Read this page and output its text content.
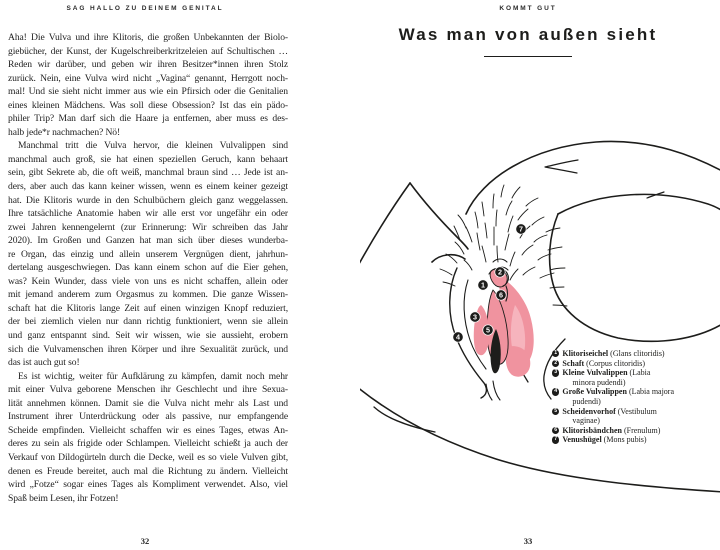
SAG HALLO ZU DEINEM GENITAL
Aha! Die Vulva und ihre Klitoris, die großen Unbekannten der Biolo-
giebücher, der Kunst, der Kugelschreiberkritzeleien auf Schultischen …
Reden wir darüber, und geben wir ihren Besitzer*innen ihren Stolz
zurück. Nein, eine Vulva wird nicht „Vagina“ genannt, Herrgott noch-
mal! Und sie sieht nicht immer aus wie ein Pfirsich oder die Genitalien
eines kleinen Mädchens. Was soll diese Obsession? Ist das ein pädo-
philer Trip? Man darf sich die Haare ja entfernen, aber muss es des-
halb jede*r nachmachen? Nö!
Manchmal tritt die Vulva hervor, die kleinen Vulvalippen sind
manchmal auch groß, sie hat einen speziellen Geruch, kann behaart
sein, gibt Sekrete ab, die oft weiß, manchmal braun sind … Jede ist an-
ders, aber auch das kann keiner wissen, wenn es einem keiner gezeigt
hat. Die Klitoris wurde in den Schulbüchern gleich ganz weggelassen.
Ihre tatsächliche Anatomie haben wir alle erst vor ungefähr ein oder
zwei Jahren kennengelernt (zur Erinnerung: Wir schreiben das Jahr
2020). Im Großen und Ganzen hat man sich über dieses wunderba-
re Organ, das einzig und allein unserem Vergnügen dient, jahrhun-
dertelang ausgeschwiegen. Das kann einem schon auf die Eier gehen,
was? Kein Wunder, dass viele von uns es nicht schaffen, allein oder
mit jemand anderem zum Orgasmus zu kommen. Die ganze Wissen-
schaft hat die Klitoris lange Zeit auf einen winzigen Knopf reduziert,
der bei ziemlich vielen nur dann richtig funktioniert, wenn sie allein
und ganz entspannt sind. Seit wir wissen, wie sie aussieht, erobern
sich die Vulvamenschen ihren Körper und ihre Sexualität zurück, und
das ist auch gut so!
Es ist wichtig, weiter für Aufklärung zu kämpfen, damit noch mehr
mit einer Vulva geborene Menschen ihr Geschlecht und ihre Sexua-
lität annehmen können. Damit sie die Vulva nicht mehr als Last und
Instrument ihrer Unterdrückung oder als passive, nur empfangende
Scheide empfinden. Vielleicht schaffen wir es eines Tages, etwas An-
deres zu sein als frigide oder Schlampen. Vielleicht schießt ja auch der
Verkauf von Dildogürteln durch die Decke, weil es so viele Vulven gibt,
denen es Freude bereitet, auch mal die Richtung zu ändern. Vielleicht
wird „Fotze“ sogar eines Tages als Kompliment verwendet. Also, viel
Spaß beim Lesen, ihr Fotzen!
32
KOMMT GUT
Was man von außen sieht
1
2
3
4
5
6
7
1 Klitoriseichel (Glans clitoridis)
2 Schaft (Corpus clitoridis)
3 Kleine Vulvalippen (Labia
minora pudendi)
4 Große Vulvalippen (Labia majora
pudendi)
5 Scheidenvorhof (Vestibulum
vaginae)
6 Klitorisbändchen (Frenulum)
7 Venushügel (Mons pubis)
33
